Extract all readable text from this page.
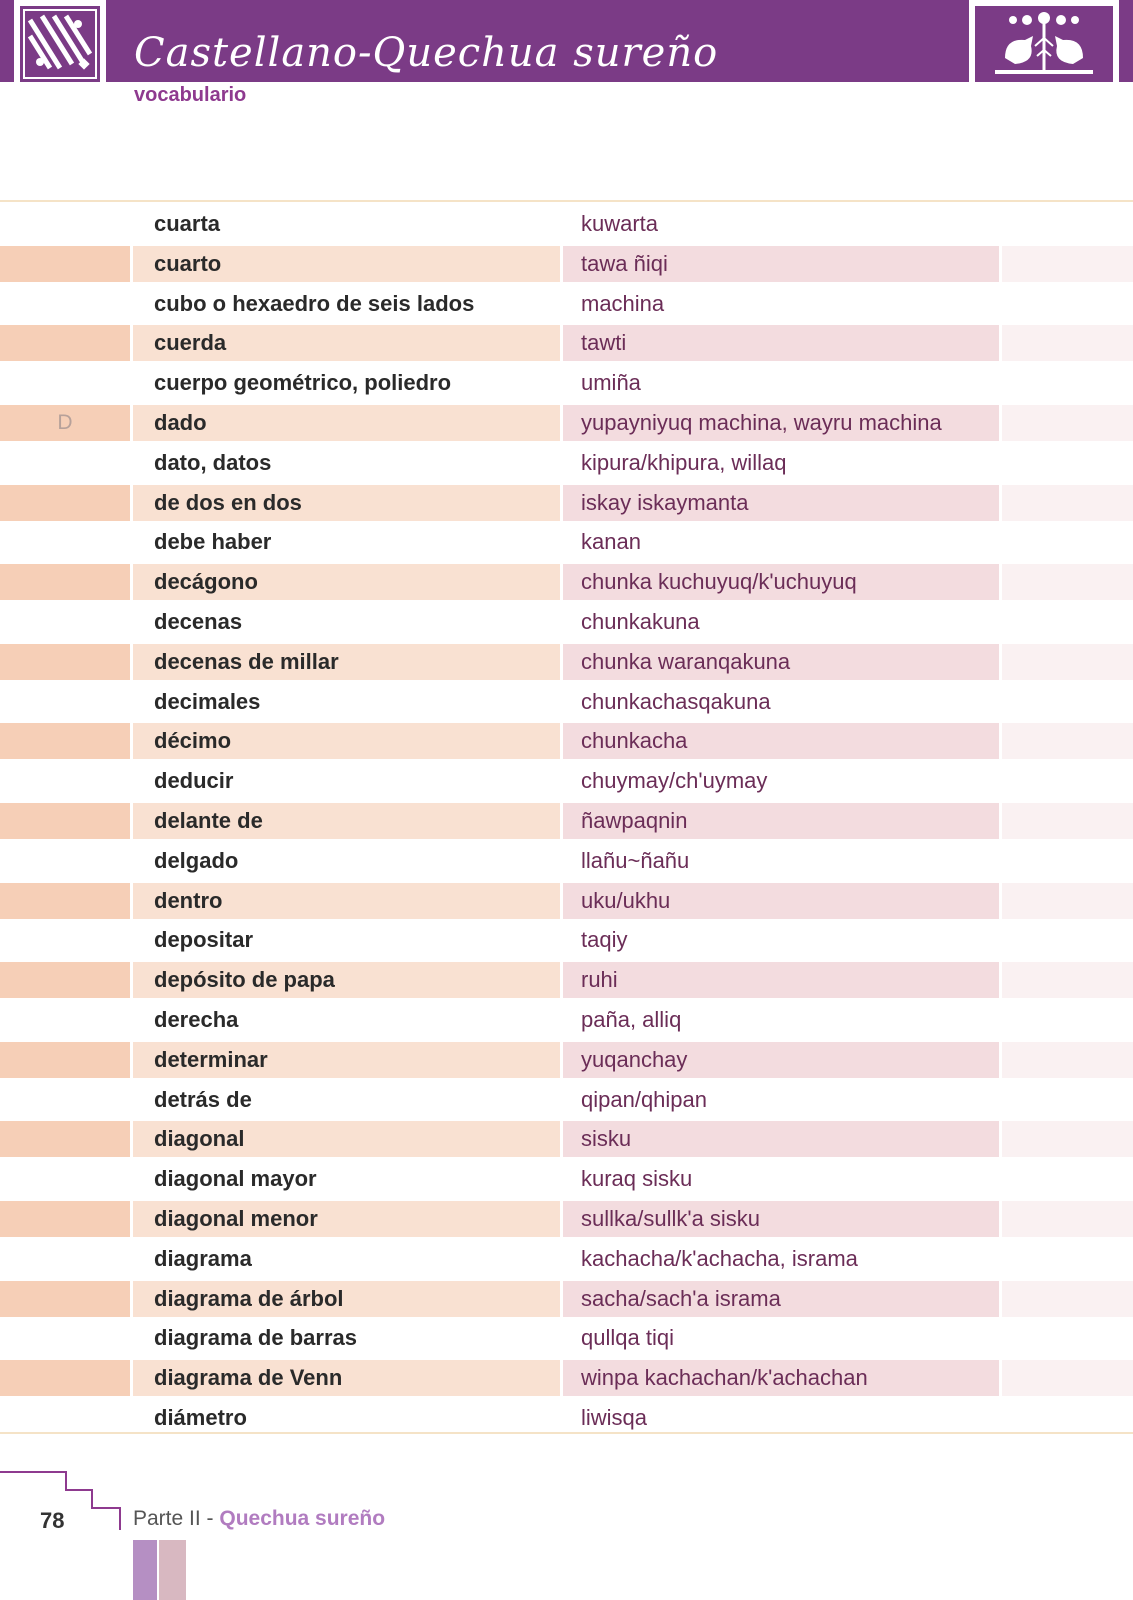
Castellano-Quechua sureño
vocabulario
cuarta	kuwarta
cuarto	tawa ñiqi
cubo o hexaedro de seis lados	machina
cuerda	tawti
cuerpo geométrico, poliedro	umiña
D	dado	yupayniyuq machina, wayru machina
dato, datos	kipura/khipura, willaq
de dos en dos	iskay iskaymanta
debe haber	kanan
decágono	chunka kuchuyuq/k'uchuyuq
decenas	chunkakuna
decenas de millar	chunka waranqakuna
decimales	chunkachasqakuna
décimo	chunkacha
deducir	chuymay/ch'uymay
delante de	ñawpaqnin
delgado	llañu~ñañu
dentro	uku/ukhu
depositar	taqiy
depósito de papa	ruhi
derecha	paña, alliq
determinar	yuqanchay
detrás de	qipan/qhipan
diagonal	sisku
diagonal mayor	kuraq sisku
diagonal menor	sullka/sullk'a sisku
diagrama	kachacha/k'achacha, israma
diagrama de árbol	sacha/sach'a israma
diagrama de barras	qullqa tiqi
diagrama de Venn	winpa kachachan/k'achachan
diámetro	liwisqa
78	Parte II - Quechua sureño
